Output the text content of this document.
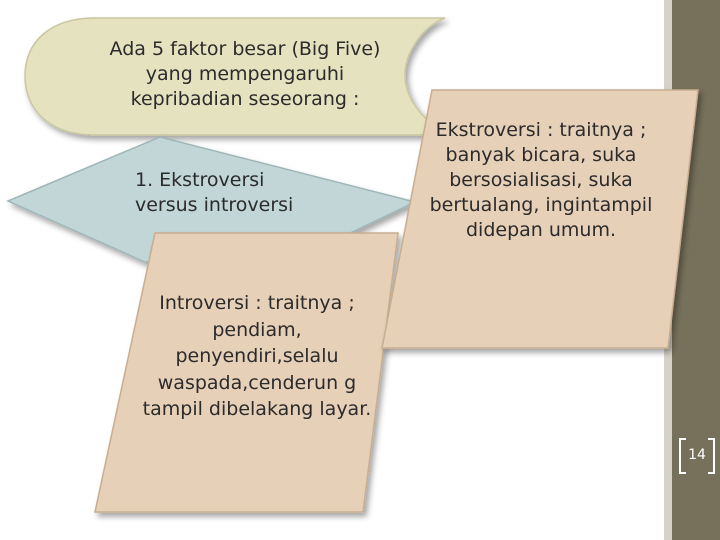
Ada 5 faktor besar (Big Five) yang mempengaruhi kepribadian seseorang :
1. Ekstroversi versus introversi
Introversi : traitnya ; pendiam, penyendiri,selalu waspada,cenderun g tampil dibelakang layar.
Ekstroversi : traitnya ; banyak bicara, suka bersosialisasi, suka bertualang, ingintampil didepan umum.
14
